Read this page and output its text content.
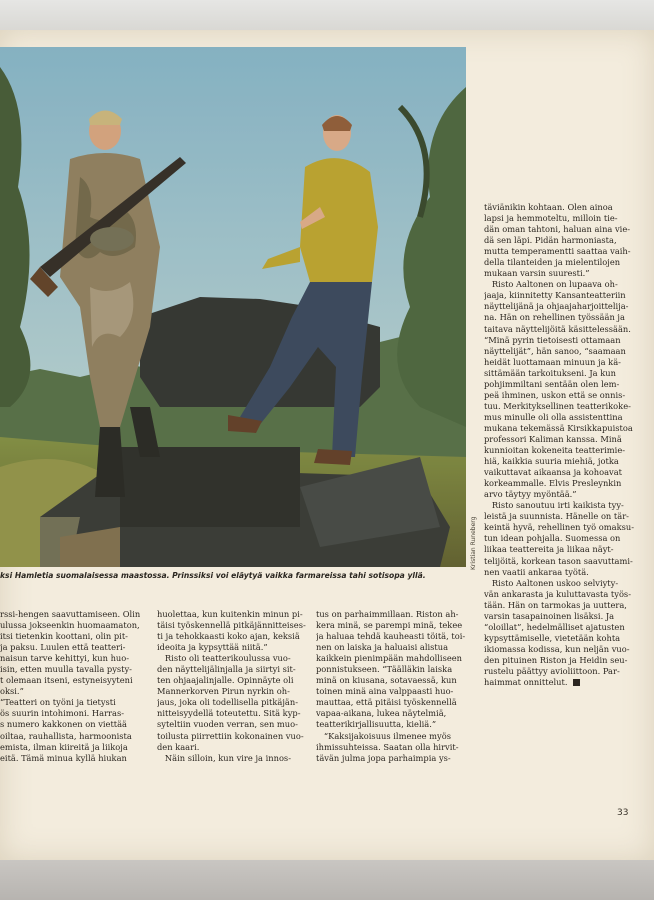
Kristian Runeberg
ksi Hamletia suomalaisessa maastossa. Prinssiksi voi eläytyä vaikka farmareissa tahi sotisopa yllä.
rssi-hengen saavuttamiseen. Olin
ulussa jokseenkin huomaamaton,
itsi tietenkin koottani, olin pit-
ja paksu. Luulen että teatteri-
naisun tarve kehittyi, kun huo-
isin, etten muulla tavalla pysty-
t olemaan itseni, estyneisyyteni
oksi.”
“Teatteri on työni ja tietysti
ös suurin intohimoni. Harras-
s numero kakkonen on viettää
oiltaa, rauhallista, harmoonista
emista, ilman kiireitä ja liikoja
eitä. Tämä minua kyllä hiukan
huolettaa, kun kuitenkin minun pi-
täisi työskennellä pitkäjännitteises-
ti ja tehokkaasti koko ajan, keksiä
ideoita ja kypsyttää niitä.”
Risto oli teatterikoulussa vuo-
den näyttelijälinjalla ja siirtyi sit-
ten ohjaajalinjalle. Opinnäyte oli
Mannerkorven Pirun nyrkin oh-
jaus, joka oli todellisella pitkäjän-
nitteisyydellä toteutettu. Sitä kyp-
syteltiin vuoden verran, sen muo-
toilusta piirrettiin kokonainen vuo-
den kaari.
Näin silloin, kun vire ja innos-
tus on parhaimmillaan. Riston ah-
kera minä, se parempi minä, tekee
ja haluaa tehdä kauheasti töitä, toi-
nen on laiska ja haluaisi alistua
kaikkein pienimpään mahdolliseen
ponnistukseen. “Täälläkin laiska
minä on kiusana, sotavaessä, kun
toinen minä aina valppaasti huo-
mauttaa, että pitäisi työskennellä
vapaa-aikana, lukea näytelmiä,
teatterikirjallisuutta, kieliä.”
“Kaksijakoisuus ilmenee myös
ihmissuhteissa. Saatan olla hirvit-
tävän julma jopa parhaimpia ys-
täviänikin kohtaan. Olen ainoa
lapsi ja hemmoteltu, milloin tie-
dän oman tahtoni, haluan aina vie-
dä sen läpi. Pidän harmoniasta,
mutta temperamentti saattaa vaih-
della tilanteiden ja mielentilojen
mukaan varsin suuresti.”
Risto Aaltonen on lupaava oh-
jaaja, kiinnitetty Kansanteatteriin
näyttelijänä ja ohjaajaharjoittelija-
na. Hän on rehellinen työssään ja
taitava näyttelijöitä käsittelessään.
“Minä pyrin tietoisesti ottamaan
näyttelijät”, hän sanoo, “saamaan
heidät luottamaan minuun ja kä-
sittämään tarkoitukseni. Ja kun
pohjimmiltani sentään olen lem-
peä ihminen, uskon että se onnis-
tuu. Merkityksellinen teatterikoke-
mus minulle oli olla assistenttina
mukana tekemässä Kirsikkapuistoa
professori Kaliman kanssa. Minä
kunnioitan kokeneita teatterimie-
hiä, kaikkia suuria miehiä, jotka
vaikuttavat aikaansa ja kohoavat
korkeammalle. Elvis Presleynkin
arvo täytyy myöntää.”
Risto sanoutuu irti kaikista tyy-
leistä ja suunnista. Hänelle on tär-
keintä hyvä, rehellinen työ omaksu-
tun idean pohjalla. Suomessa on
liikaa teattereita ja liikaa näyt-
telijöitä, korkean tason saavuttami-
nen vaatii ankaraa työtä.
Risto Aaltonen uskoo selviyty-
vän ankarasta ja kuluttavasta työs-
tään. Hän on tarmokas ja uuttera,
varsin tasapainoinen lisäksi. Ja
“oloillat”, hedelmälliset ajatusten
kypsyttämiselle, vietetään kohta
ikiomassa kodissa, kun neljän vuo-
den pituinen Riston ja Heidin seu-
rustelu päättyy avioliittoon. Par-
haimmat onnittelut.
33
